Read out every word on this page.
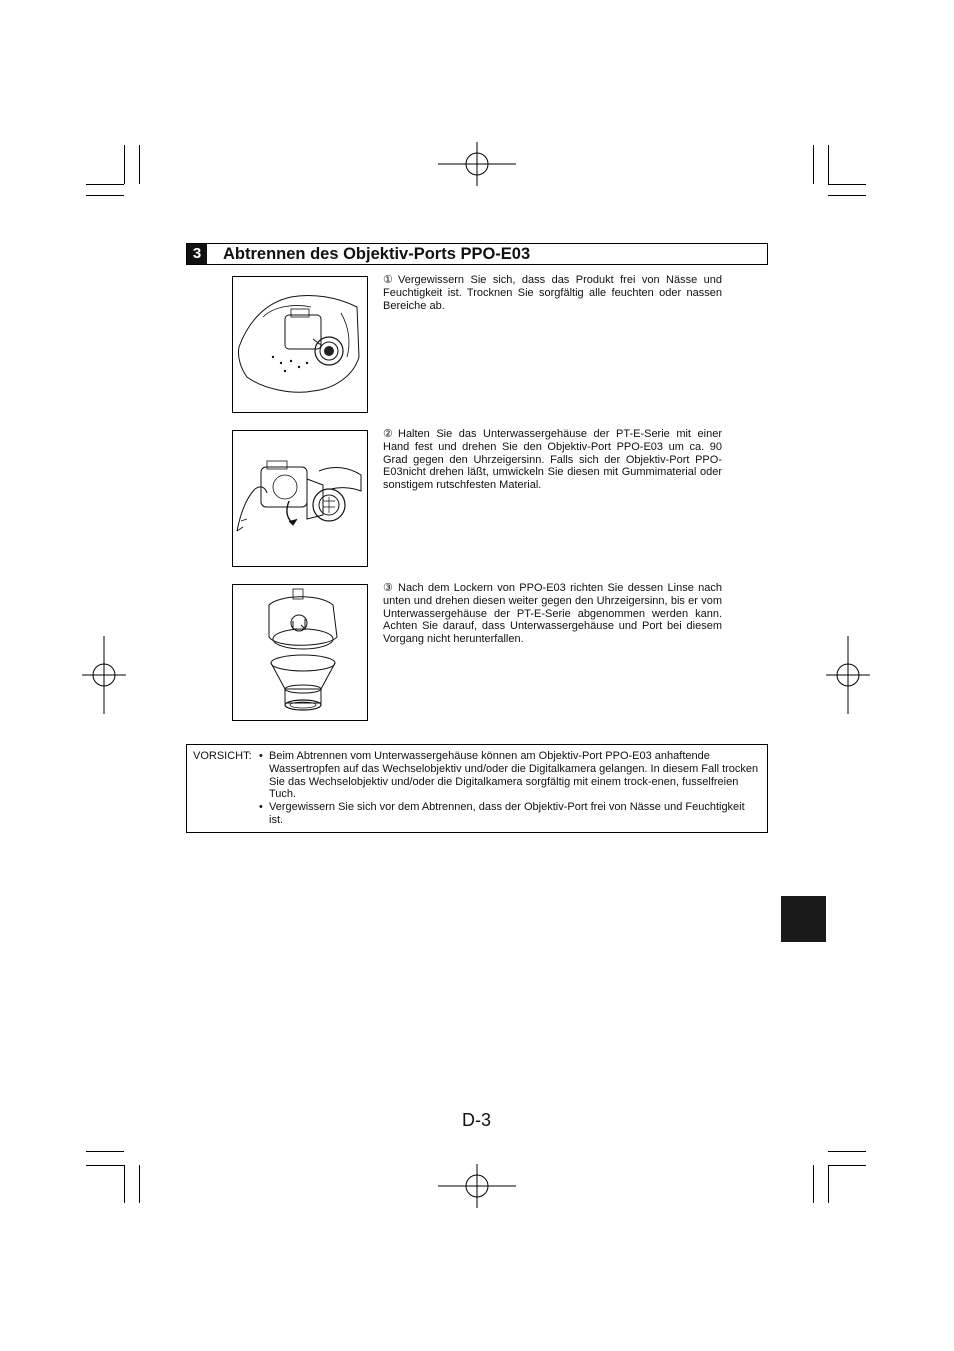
3	Abtrennen des Objektiv-Ports PPO-E03
① Vergewissern Sie sich, dass das Produkt frei von Nässe und Feuchtigkeit ist. Trocknen Sie sorgfältig alle feuchten oder nassen Bereiche ab.
② Halten Sie das Unterwassergehäuse der PT-E-Serie mit einer Hand fest und drehen Sie den Objektiv-Port PPO-E03 um ca. 90 Grad gegen den Uhrzeigersinn. Falls sich der Objektiv-Port PPO-E03nicht drehen läßt, umwickeln Sie diesen mit Gummimaterial oder sonstigem rutschfesten Material.
③ Nach dem Lockern von PPO-E03 richten Sie dessen Linse nach unten und drehen diesen weiter gegen den Uhrzeigersinn, bis er vom Unterwassergehäuse der PT-E-Serie abgenommen werden kann. Achten Sie darauf, dass Unterwassergehäuse und Port bei diesem Vorgang nicht herunterfallen.
VORSICHT: • Beim Abtrennen vom Unterwassergehäuse können am Objektiv-Port PPO-E03 anhaftende Wassertropfen auf das Wechselobjektiv und/oder die Digitalkamera gelangen. In diesem Fall trocken Sie das Wechselobjektiv und/oder die Digitalkamera sorgfältig mit einem trock-enen, fusselfreien Tuch.
• Vergewissern Sie sich vor dem Abtrennen, dass der Objektiv-Port frei von Nässe und Feuchtigkeit ist.
D-3
